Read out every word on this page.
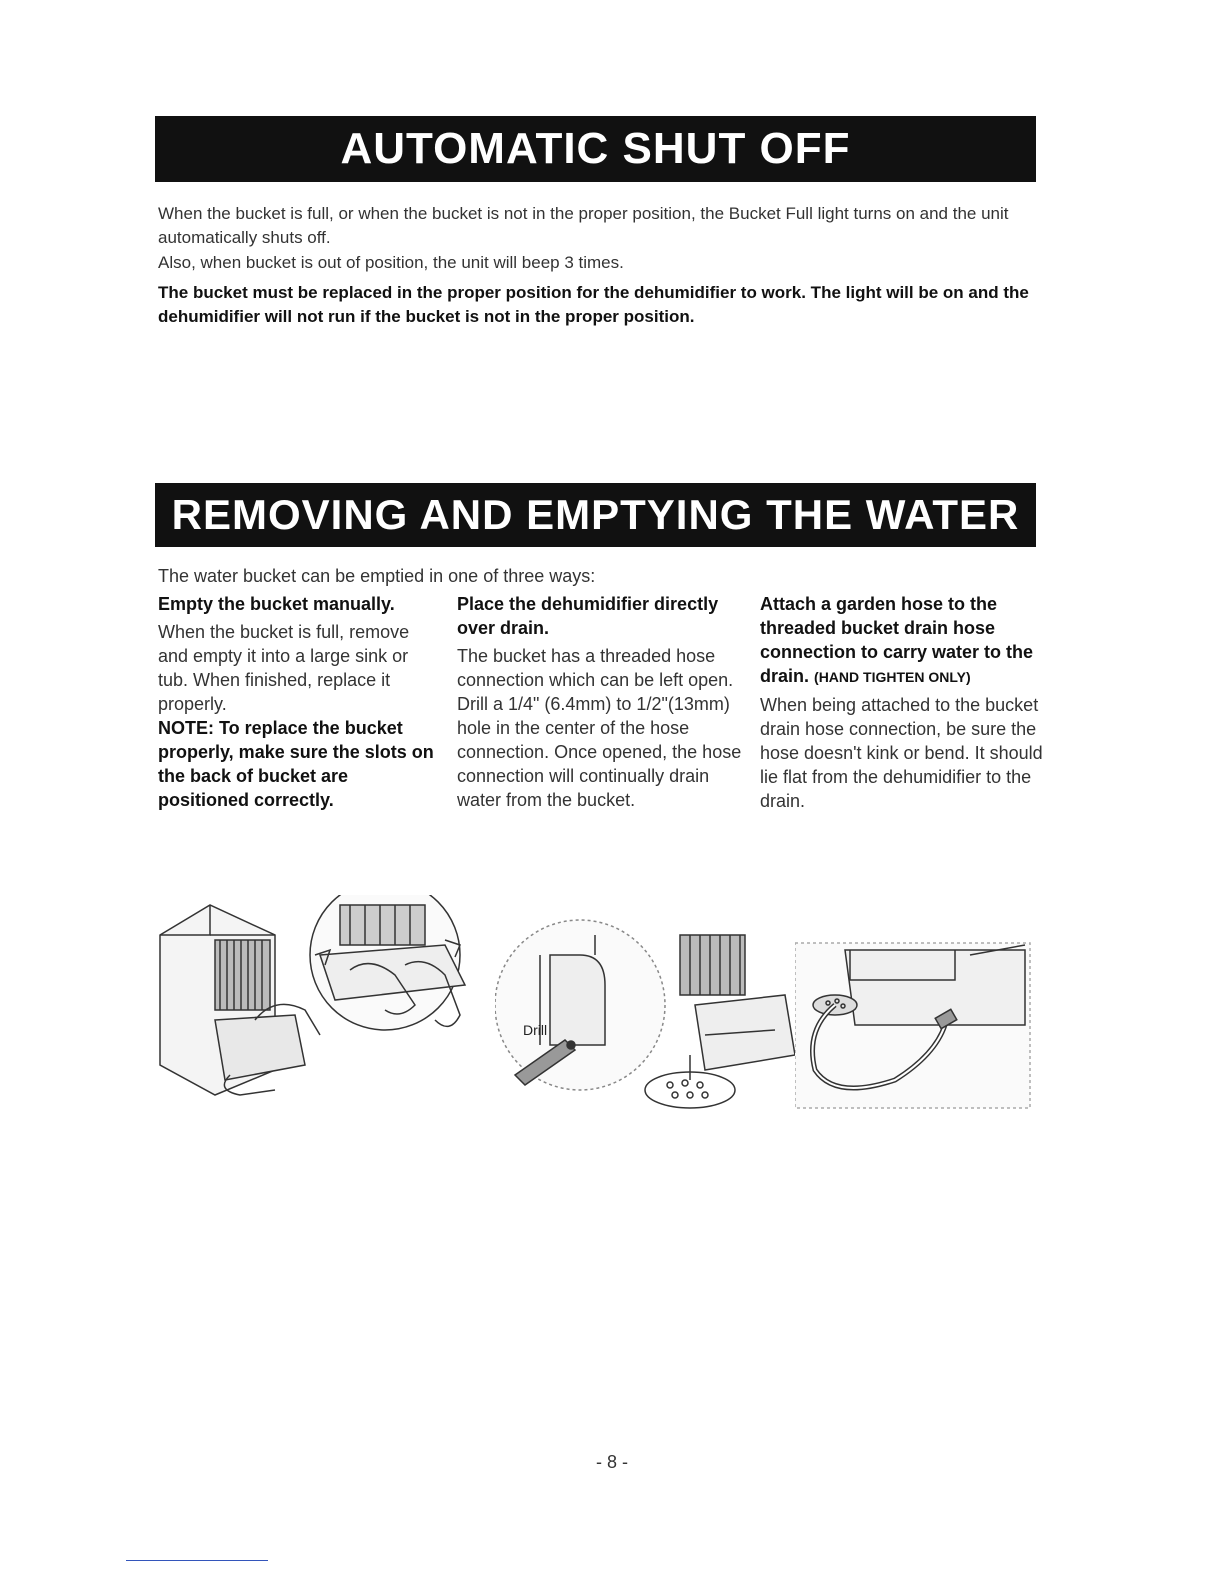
AUTOMATIC SHUT OFF

When the bucket is full, or when the bucket is not in the proper position, the Bucket Full light turns on and the unit automatically shuts off.

Also, when bucket is out of position, the unit will beep 3 times.

The bucket must be replaced in the proper position for the dehumidifier to work. The light will be on and the dehumidifier will not run if the bucket is not in the proper position.

REMOVING AND EMPTYING THE WATER BUCKET

The water bucket can be emptied in one of three ways:

Empty the bucket manually.

When the bucket is full, remove and empty it into a large sink or tub. When finished, replace it properly.

NOTE: To replace the bucket properly, make sure the slots on the back of bucket are positioned correctly.

Place the dehumidifier directly over drain.

The bucket has a threaded hose connection which can be left open. Drill a 1/4" (6.4mm) to 1/2"(13mm) hole in the center of the hose connection. Once opened, the hose connection will continually drain water from the bucket.

Attach a garden hose to the threaded bucket drain hose connection to carry water to the drain. (HAND TIGHTEN ONLY)

When being attached to the bucket drain hose connection, be sure the hose doesn't kink or bend. It should lie flat from the dehumidifier to the drain.

Drill
- 8 -
